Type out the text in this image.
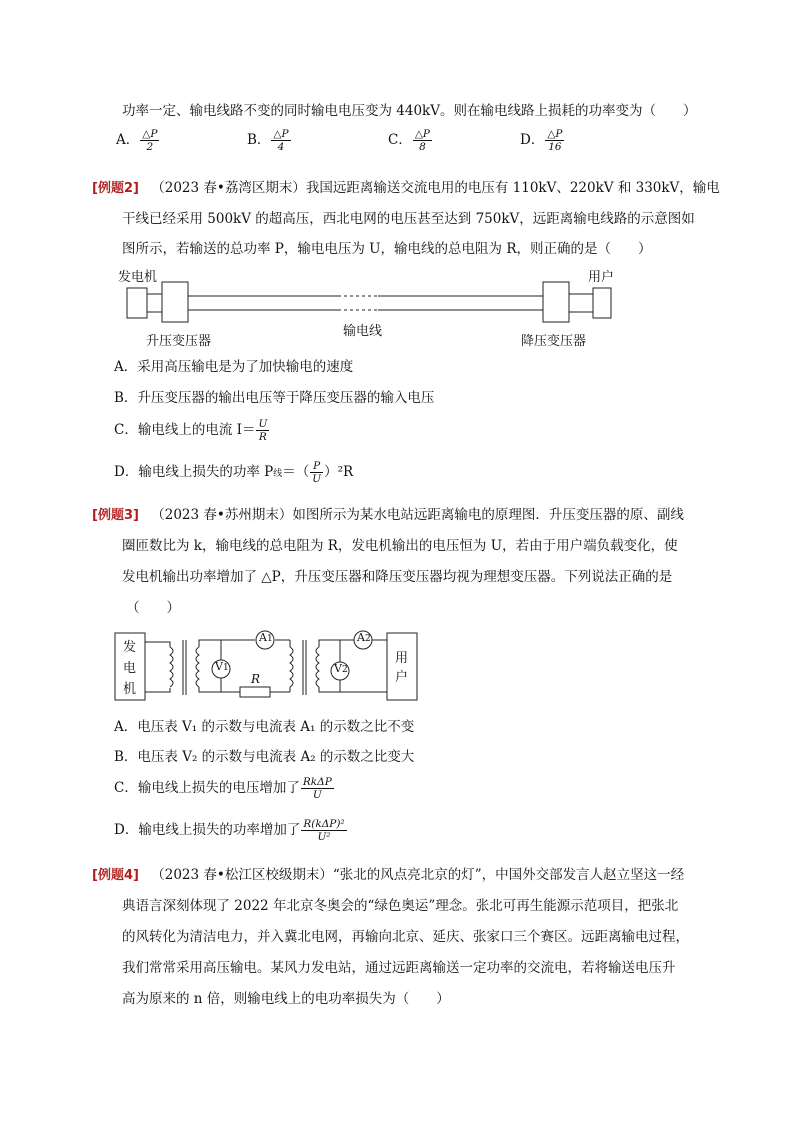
功率一定、输电线路不变的同时输电电压变为 440kV。则在输电线路上损耗的功率变为（　　）
A． $\frac{\triangle P}{2}$	B． $\frac{\triangle P}{4}$	C． $\frac{\triangle P}{8}$	D． $\frac{\triangle P}{16}$
[例题2] （2023 春•荔湾区期末）我国远距离输送交流电用的电压有 110kV、220kV 和 330kV，输电
干线已经采用 500kV 的超高压，西北电网的电压甚至达到 750kV，远距离输电线路的示意图如
图所示，若输送的总功率 P，输电电压为 U，输电线的总电阻为 R，则正确的是（　　）
发电机	用户
升压变压器
输电线
降压变压器
A．采用高压输电是为了加快输电的速度
B．升压变压器的输出电压等于降压变压器的输入电压
C．输电线上的电流 $I= \frac{U}{R}$
D．输电线上损失的功率 P线＝（ $\frac{P}{U} )^2R$
[例题3] （2023 春•苏州期末）如图所示为某水电站远距离输电的原理图．升压变压器的原、副线
圈匝数比为 k，输电线的总电阻为 R，发电机输出的电压恒为 U，若由于用户端负载变化，使
发电机输出功率增加了 △P，升压变压器和降压变压器均视为理想变压器。下列说法正确的是
（　　）
发
电
机
用
户
A1
V1
A2
V2
R
A．电压表 V₁ 的示数与电流表 A₁ 的示数之比不变
B．电压表 V₂ 的示数与电流表 A₂ 的示数之比变大
C．输电线上损失的电压增加了 $\frac{\text{RkΔP}}{U}$
D．输电线上损失的功率增加了 $\frac{\text{R(kΔP)²}}{\text{U²}}$
[例题4] （2023 春•松江区校级期末）“张北的风点亮北京的灯”，中国外交部发言人赵立坚这一经
典语言深刻体现了 2022 年北京冬奥会的“绿色奥运”理念。张北可再生能源示范项目，把张北
的风转化为清洁电力，并入冀北电网，再输向北京、延庆、张家口三个赛区。远距离输电过程，
我们常常采用高压输电。某风力发电站，通过远距离输送一定功率的交流电，若将输送电压升
高为原来的 n 倍，则输电线上的电功率损失为（　　）
